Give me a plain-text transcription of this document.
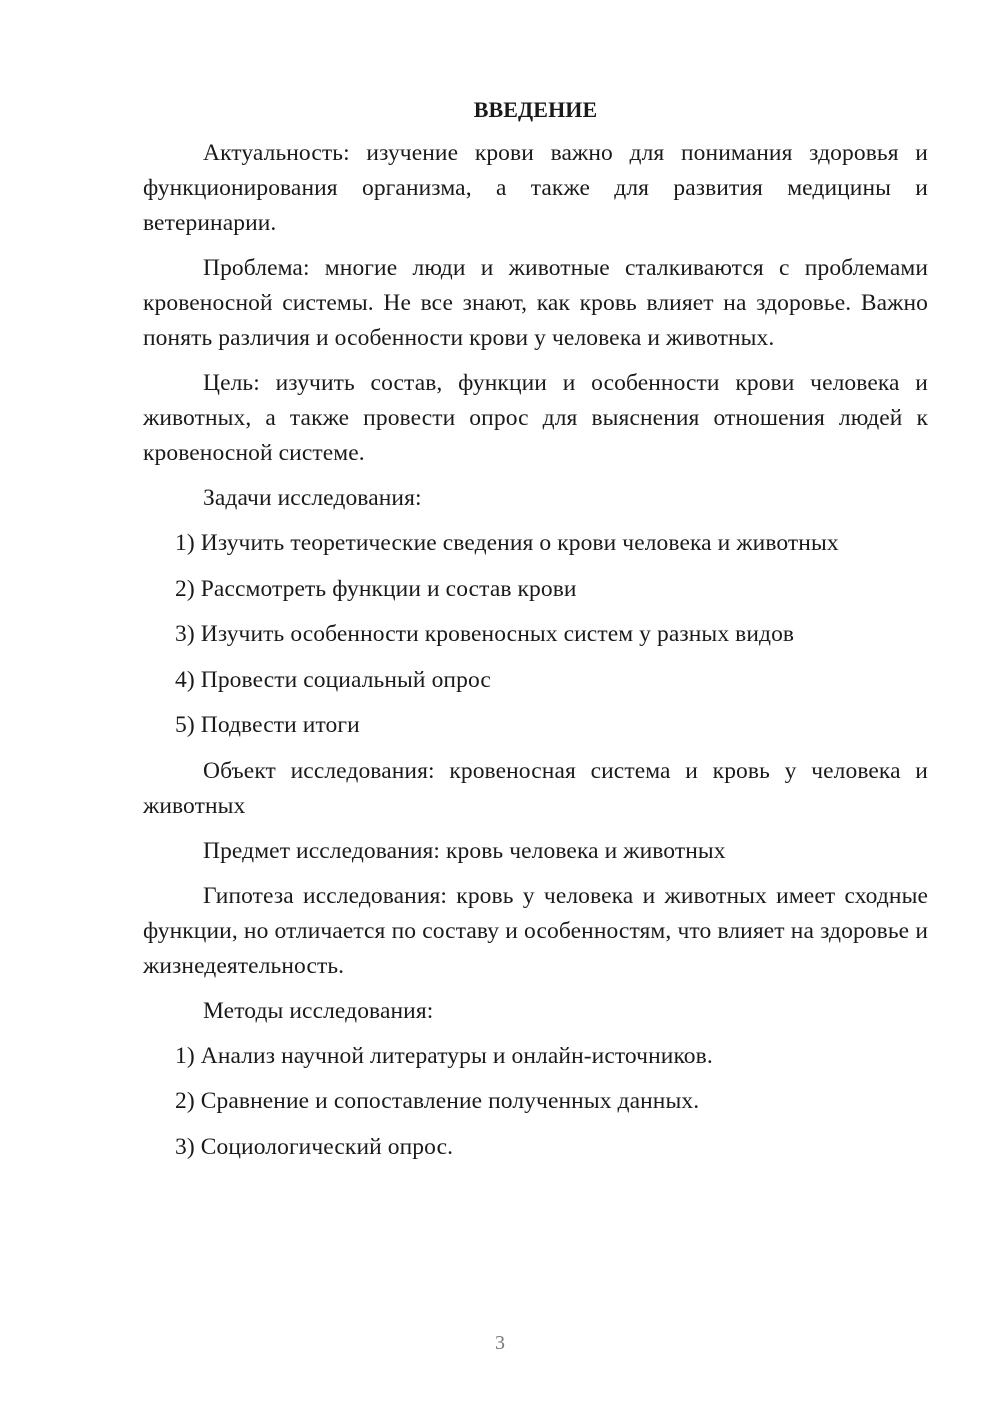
ВВЕДЕНИЕ

Актуальность: изучение крови важно для понимания здоровья и функционирования организма, а также для развития медицины и ветеринарии.

Проблема: многие люди и животные сталкиваются с проблемами кровеносной системы. Не все знают, как кровь влияет на здоровье. Важно понять различия и особенности крови у человека и животных.

Цель: изучить состав, функции и особенности крови человека и животных, а также провести опрос для выяснения отношения людей к кровеносной системе.

Задачи исследования:

1) Изучить теоретические сведения о крови человека и животных
2) Рассмотреть функции и состав крови
3) Изучить особенности кровеносных систем у разных видов
4) Провести социальный опрос
5) Подвести итоги

Объект исследования: кровеносная система и кровь у человека и животных

Предмет исследования: кровь человека и животных

Гипотеза исследования: кровь у человека и животных имеет сходные функции, но отличается по составу и особенностям, что влияет на здоровье и жизнедеятельность.

Методы исследования:

1) Анализ научной литературы и онлайн-источников.
2) Сравнение и сопоставление полученных данных.
3) Социологический опрос.
3
